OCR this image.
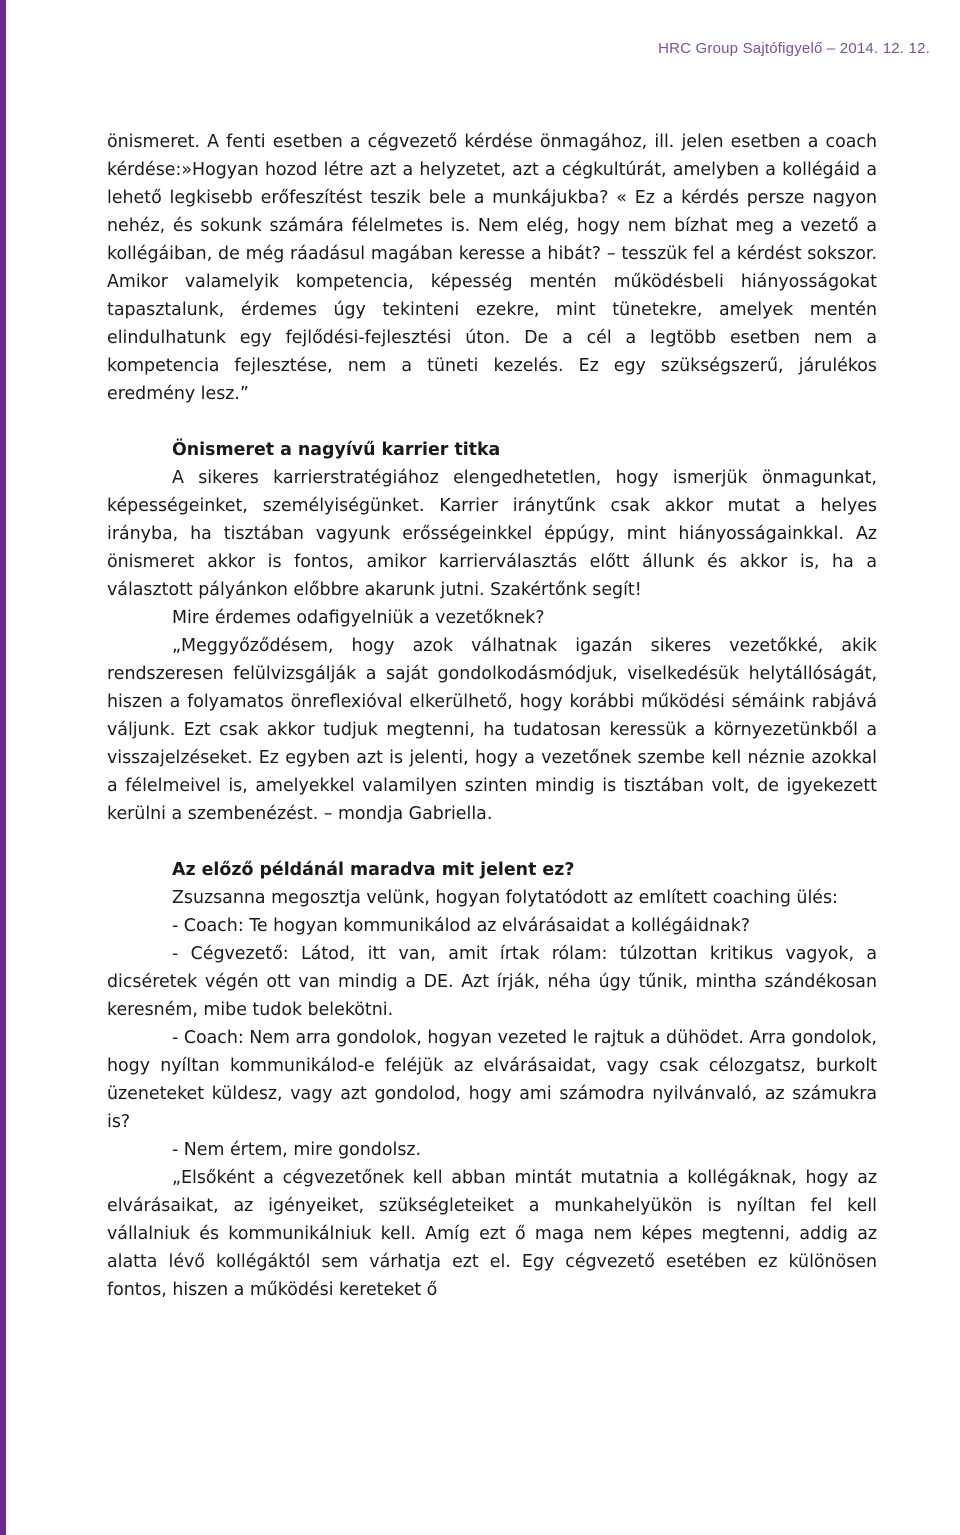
HRC Group Sajtófigyelő – 2014. 12. 12.

önismeret. A fenti esetben a cégvezető kérdése önmagához, ill. jelen esetben a coach kérdése:»Hogyan hozod létre azt a helyzetet, azt a cégkultúrát, amelyben a kollégáid a lehető legkisebb erőfeszítést teszik bele a munkájukba? « Ez a kérdés persze nagyon nehéz, és sokunk számára félelmetes is. Nem elég, hogy nem bízhat meg a vezető a kollégáiban, de még ráadásul magában keresse a hibát? – tesszük fel a kérdést sokszor. Amikor valamelyik kompetencia, képesség mentén működésbeli hiányosságokat tapasztalunk, érdemes úgy tekinteni ezekre, mint tünetekre, amelyek mentén elindulhatunk egy fejlődési-fejlesztési úton. De a cél a legtöbb esetben nem a kompetencia fejlesztése, nem a tüneti kezelés. Ez egy szükségszerű, járulékos eredmény lesz.”

Önismeret a nagyívű karrier titka

A sikeres karrierstratégiához elengedhetetlen, hogy ismerjük önmagunkat, képességeinket, személyiségünket. Karrier iránytűnk csak akkor mutat a helyes irányba, ha tisztában vagyunk erősségeinkkel éppúgy, mint hiányosságainkkal. Az önismeret akkor is fontos, amikor karrierválasztás előtt állunk és akkor is, ha a választott pályánkon előbbre akarunk jutni. Szakértőnk segít!

Mire érdemes odafigyelniük a vezetőknek?

„Meggyőződésem, hogy azok válhatnak igazán sikeres vezetőkké, akik rendszeresen felülvizsgálják a saját gondolkodásmódjuk, viselkedésük helytállóságát, hiszen a folyamatos önreflexióval elkerülhető, hogy korábbi működési sémáink rabjává váljunk. Ezt csak akkor tudjuk megtenni, ha tudatosan keressük a környezetünkből a visszajelzéseket. Ez egyben azt is jelenti, hogy a vezetőnek szembe kell néznie azokkal a félelmeivel is, amelyekkel valamilyen szinten mindig is tisztában volt, de igyekezett kerülni a szembenézést. – mondja Gabriella.

Az előző példánál maradva mit jelent ez?

Zsuzsanna megosztja velünk, hogyan folytatódott az említett coaching ülés:

- Coach: Te hogyan kommunikálod az elvárásaidat a kollégáidnak?

- Cégvezető: Látod, itt van, amit írtak rólam: túlzottan kritikus vagyok, a dicséretek végén ott van mindig a DE. Azt írják, néha úgy tűnik, mintha szándékosan keresném, mibe tudok belekötni.

- Coach: Nem arra gondolok, hogyan vezeted le rajtuk a dühödet. Arra gondolok, hogy nyíltan kommunikálod-e feléjük az elvárásaidat, vagy csak célozgatsz, burkolt üzeneteket küldesz, vagy azt gondolod, hogy ami számodra nyilvánvaló, az számukra is?

- Nem értem, mire gondolsz.

„Elsőként a cégvezetőnek kell abban mintát mutatnia a kollégáknak, hogy az elvárásaikat, az igényeiket, szükségleteiket a munkahelyükön is nyíltan fel kell vállalniuk és kommunikálniuk kell. Amíg ezt ő maga nem képes megtenni, addig az alatta lévő kollégáktól sem várhatja ezt el. Egy cégvezető esetében ez különösen fontos, hiszen a működési kereteket ő
